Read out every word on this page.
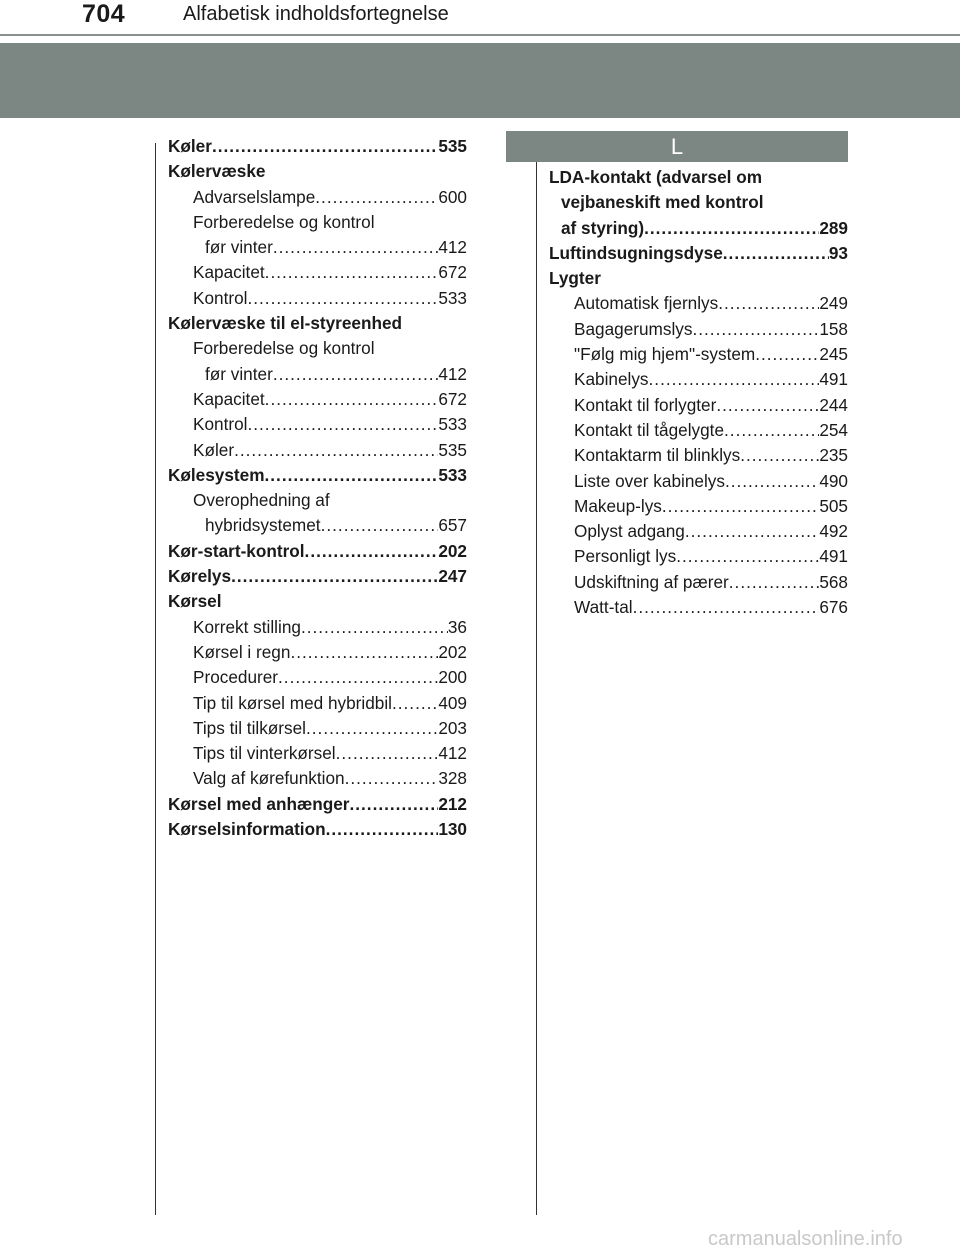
704	Alfabetisk indholdsfortegnelse
L
Køler .....	535
Kølervæske
Advarselslampe .....	600
Forberedelse og kontrol
før vinter .....	412
Kapacitet .....	672
Kontrol .....	533
Kølervæske til el-styreenhed
Forberedelse og kontrol
før vinter .....	412
Kapacitet .....	672
Kontrol .....	533
Køler .....	535
Kølesystem .....	533
Overophedning af
hybridsystemet .....	657
Kør-start-kontrol .....	202
Kørelys .....	247
Kørsel
Korrekt stilling .....	36
Kørsel i regn .....	202
Procedurer .....	200
Tip til kørsel med hybridbil .....	409
Tips til tilkørsel .....	203
Tips til vinterkørsel .....	412
Valg af kørefunktion .....	328
Kørsel med anhænger .....	212
Kørselsinformation .....	130
LDA-kontakt (advarsel om
vejbaneskift med kontrol
af styring) .....	289
Luftindsugningsdyse .....	93
Lygter
Automatisk fjernlys .....	249
Bagagerumslys .....	158
"Følg mig hjem"-system .....	245
Kabinelys .....	491
Kontakt til forlygter .....	244
Kontakt til tågelygte .....	254
Kontaktarm til blinklys .....	235
Liste over kabinelys .....	490
Makeup-lys .....	505
Oplyst adgang .....	492
Personligt lys .....	491
Udskiftning af pærer .....	568
Watt-tal .....	676
carmanualsonline.info
